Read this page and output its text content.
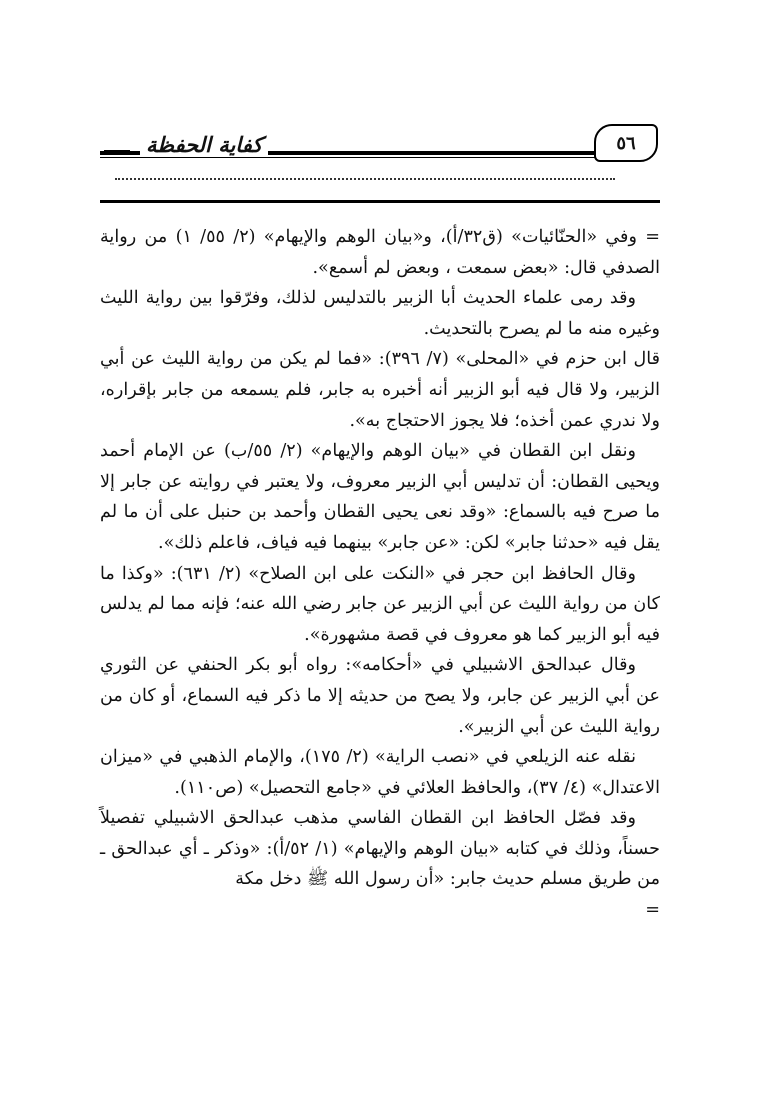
كفاية الحفظة	٥٦

= وفي «الحنّائيات» (ق٣٢/أ)، و«بيان الوهم والإيهام» (٢/ ٥٥/ ١) من رواية الصدفي قال: «بعض سمعت ، وبعض لم أسمع».

وقد رمى علماء الحديث أبا الزبير بالتدليس لذلك، وفرّقوا بين رواية الليث وغيره منه ما لم يصرح بالتحديث.

قال ابن حزم في «المحلى» (٧/ ٣٩٦): «فما لم يكن من رواية الليث عن أبي الزبير، ولا قال فيه أبو الزبير أنه أخبره به جابر، فلم يسمعه من جابر بإقراره، ولا ندري عمن أخذه؛ فلا يجوز الاحتجاج به».

ونقل ابن القطان في «بيان الوهم والإيهام» (٢/ ٥٥/ب) عن الإمام أحمد ويحيى القطان: أن تدليس أبي الزبير معروف، ولا يعتبر في روايته عن جابر إلا ما صرح فيه بالسماع: «وقد نعى يحيى القطان وأحمد بن حنبل على أن ما لم يقل فيه «حدثنا جابر» لكن: «عن جابر» بينهما فيه فياف، فاعلم ذلك».

وقال الحافظ ابن حجر في «النكت على ابن الصلاح» (٢/ ٦٣١): «وكذا ما كان من رواية الليث عن أبي الزبير عن جابر رضي الله عنه؛ فإنه مما لم يدلس فيه أبو الزبير كما هو معروف في قصة مشهورة».

وقال عبدالحق الاشبيلي في «أحكامه»: رواه أبو بكر الحنفي عن الثوري عن أبي الزبير عن جابر، ولا يصح من حديثه إلا ما ذكر فيه السماع، أو كان من رواية الليث عن أبي الزبير».

نقله عنه الزيلعي في «نصب الراية» (٢/ ١٧٥)، والإمام الذهبي في «ميزان الاعتدال» (٤/ ٣٧)، والحافظ العلائي في «جامع التحصيل» (ص١١٠).

وقد فصّل الحافظ ابن القطان الفاسي مذهب عبدالحق الاشبيلي تفصيلاً حسناً، وذلك في كتابه «بيان الوهم والإيهام» (١/ ٥٢/أ): «وذكر ـ أي عبدالحق ـ من طريق مسلم حديث جابر: «أن رسول الله ﷺ دخل مكة

=
